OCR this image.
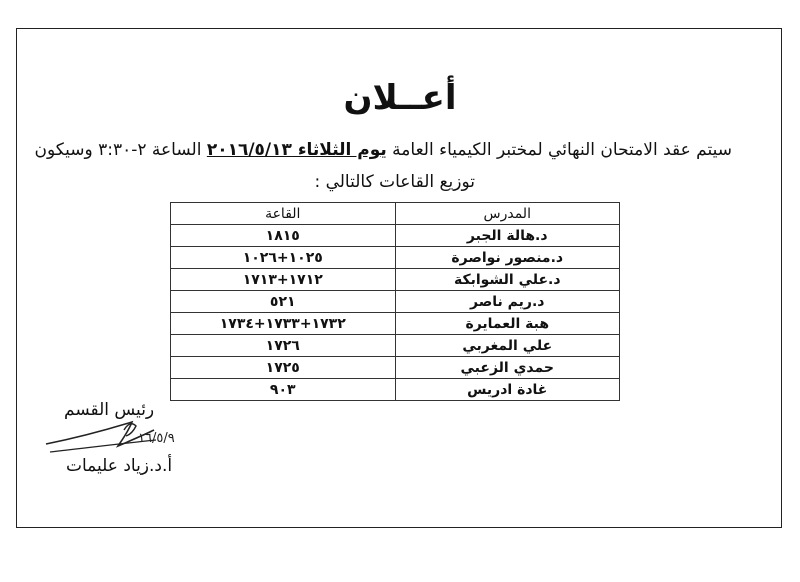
أعــلان
سيتم عقد الامتحان النهائي لمختبر الكيمياء العامة يوم الثلاثاء ٢٠١٦/٥/١٣ الساعة ٢-٣:٣٠ وسيكون
توزيع القاعات كالتالي :
المدرس	القاعة
د.هالة الجبر	١٨١٥
د.منصور نواصرة	١٠٢٥+١٠٢٦
د.علي الشوابكة	١٧١٢+١٧١٣
د.ريم ناصر	٥٢١
هبة العمايرة	١٧٣٢+١٧٣٣+١٧٣٤
علي المغربي	١٧٢٦
حمدي الزعبي	١٧٢٥
غادة ادريس	٩٠٣
رئيس القسم
١٦/٥/٩
أ.د.زياد عليمات
